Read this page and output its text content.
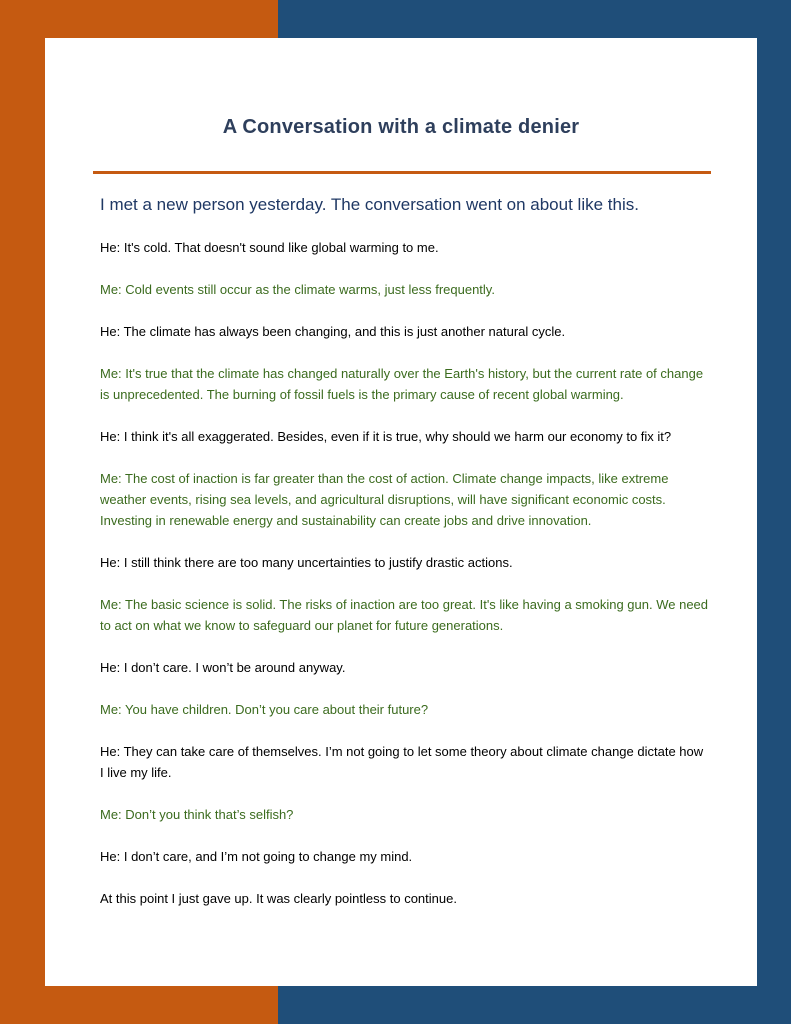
A Conversation with a climate denier

I met a new person yesterday. The conversation went on about like this.

He: It's cold. That doesn't sound like global warming to me.

Me: Cold events still occur as the climate warms, just less frequently.

He: The climate has always been changing, and this is just another natural cycle.

Me: It's true that the climate has changed naturally over the Earth's history, but the current rate of change is unprecedented. The burning of fossil fuels is the primary cause of recent global warming.

He: I think it's all exaggerated. Besides, even if it is true, why should we harm our economy to fix it?

Me: The cost of inaction is far greater than the cost of action. Climate change impacts, like extreme weather events, rising sea levels, and agricultural disruptions, will have significant economic costs. Investing in renewable energy and sustainability can create jobs and drive innovation.

He: I still think there are too many uncertainties to justify drastic actions.

Me: The basic science is solid. The risks of inaction are too great. It's like having a smoking gun. We need to act on what we know to safeguard our planet for future generations.

He: I don’t care. I won’t be around anyway.

Me: You have children. Don’t you care about their future?

He: They can take care of themselves. I’m not going to let some theory about climate change dictate how I live my life.

Me: Don’t you think that’s selfish?

He: I don’t care, and I’m not going to change my mind.

At this point I just gave up. It was clearly pointless to continue.
